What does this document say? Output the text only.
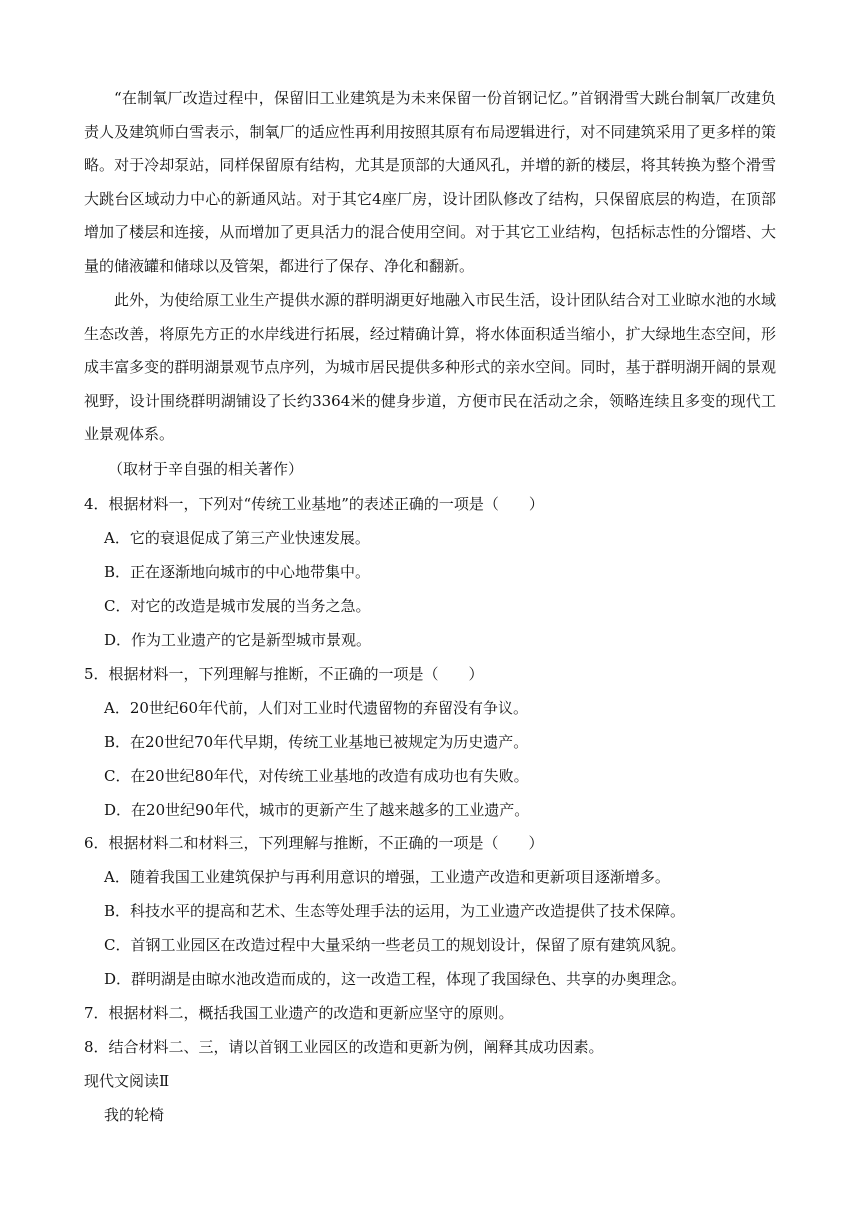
“在制氧厂改造过程中，保留旧工业建筑是为未来保留一份首钢记忆。”首钢滑雪大跳台制氧厂改建负责人及建筑师白雪表示，制氧厂的适应性再利用按照其原有布局逻辑进行，对不同建筑采用了更多样的策略。对于冷却泵站，同样保留原有结构，尤其是顶部的大通风孔，并增的新的楼层，将其转换为整个滑雪大跳台区域动力中心的新通风站。对于其它4座厂房，设计团队修改了结构，只保留底层的构造，在顶部增加了楼层和连接，从而增加了更具活力的混合使用空间。对于其它工业结构，包括标志性的分馏塔、大量的储液罐和储球以及管架，都进行了保存、净化和翻新。

此外，为使给原工业生产提供水源的群明湖更好地融入市民生活，设计团队结合对工业晾水池的水域生态改善，将原先方正的水岸线进行拓展，经过精确计算，将水体面积适当缩小，扩大绿地生态空间，形成丰富多变的群明湖景观节点序列，为城市居民提供多种形式的亲水空间。同时，基于群明湖开阔的景观视野，设计围绕群明湖铺设了长约3364米的健身步道，方便市民在活动之余，领略连续且多变的现代工业景观体系。

（取材于辛自强的相关著作）

4．根据材料一，下列对“传统工业基地”的表述正确的一项是（　　）

A．它的衰退促成了第三产业快速发展。

B．正在逐渐地向城市的中心地带集中。

C．对它的改造是城市发展的当务之急。

D．作为工业遗产的它是新型城市景观。

5．根据材料一，下列理解与推断，不正确的一项是（　　）

A．20世纪60年代前，人们对工业时代遗留物的弃留没有争议。

B．在20世纪70年代早期，传统工业基地已被规定为历史遗产。

C．在20世纪80年代，对传统工业基地的改造有成功也有失败。

D．在20世纪90年代，城市的更新产生了越来越多的工业遗产。

6．根据材料二和材料三，下列理解与推断，不正确的一项是（　　）

A．随着我国工业建筑保护与再利用意识的增强，工业遗产改造和更新项目逐渐增多。

B．科技水平的提高和艺术、生态等处理手法的运用，为工业遗产改造提供了技术保障。

C．首钢工业园区在改造过程中大量采纳一些老员工的规划设计，保留了原有建筑风貌。

D．群明湖是由晾水池改造而成的，这一改造工程，体现了我国绿色、共享的办奥理念。

7．根据材料二，概括我国工业遗产的改造和更新应坚守的原则。

8．结合材料二、三，请以首钢工业园区的改造和更新为例，阐释其成功因素。

现代文阅读Ⅱ

我的轮椅
